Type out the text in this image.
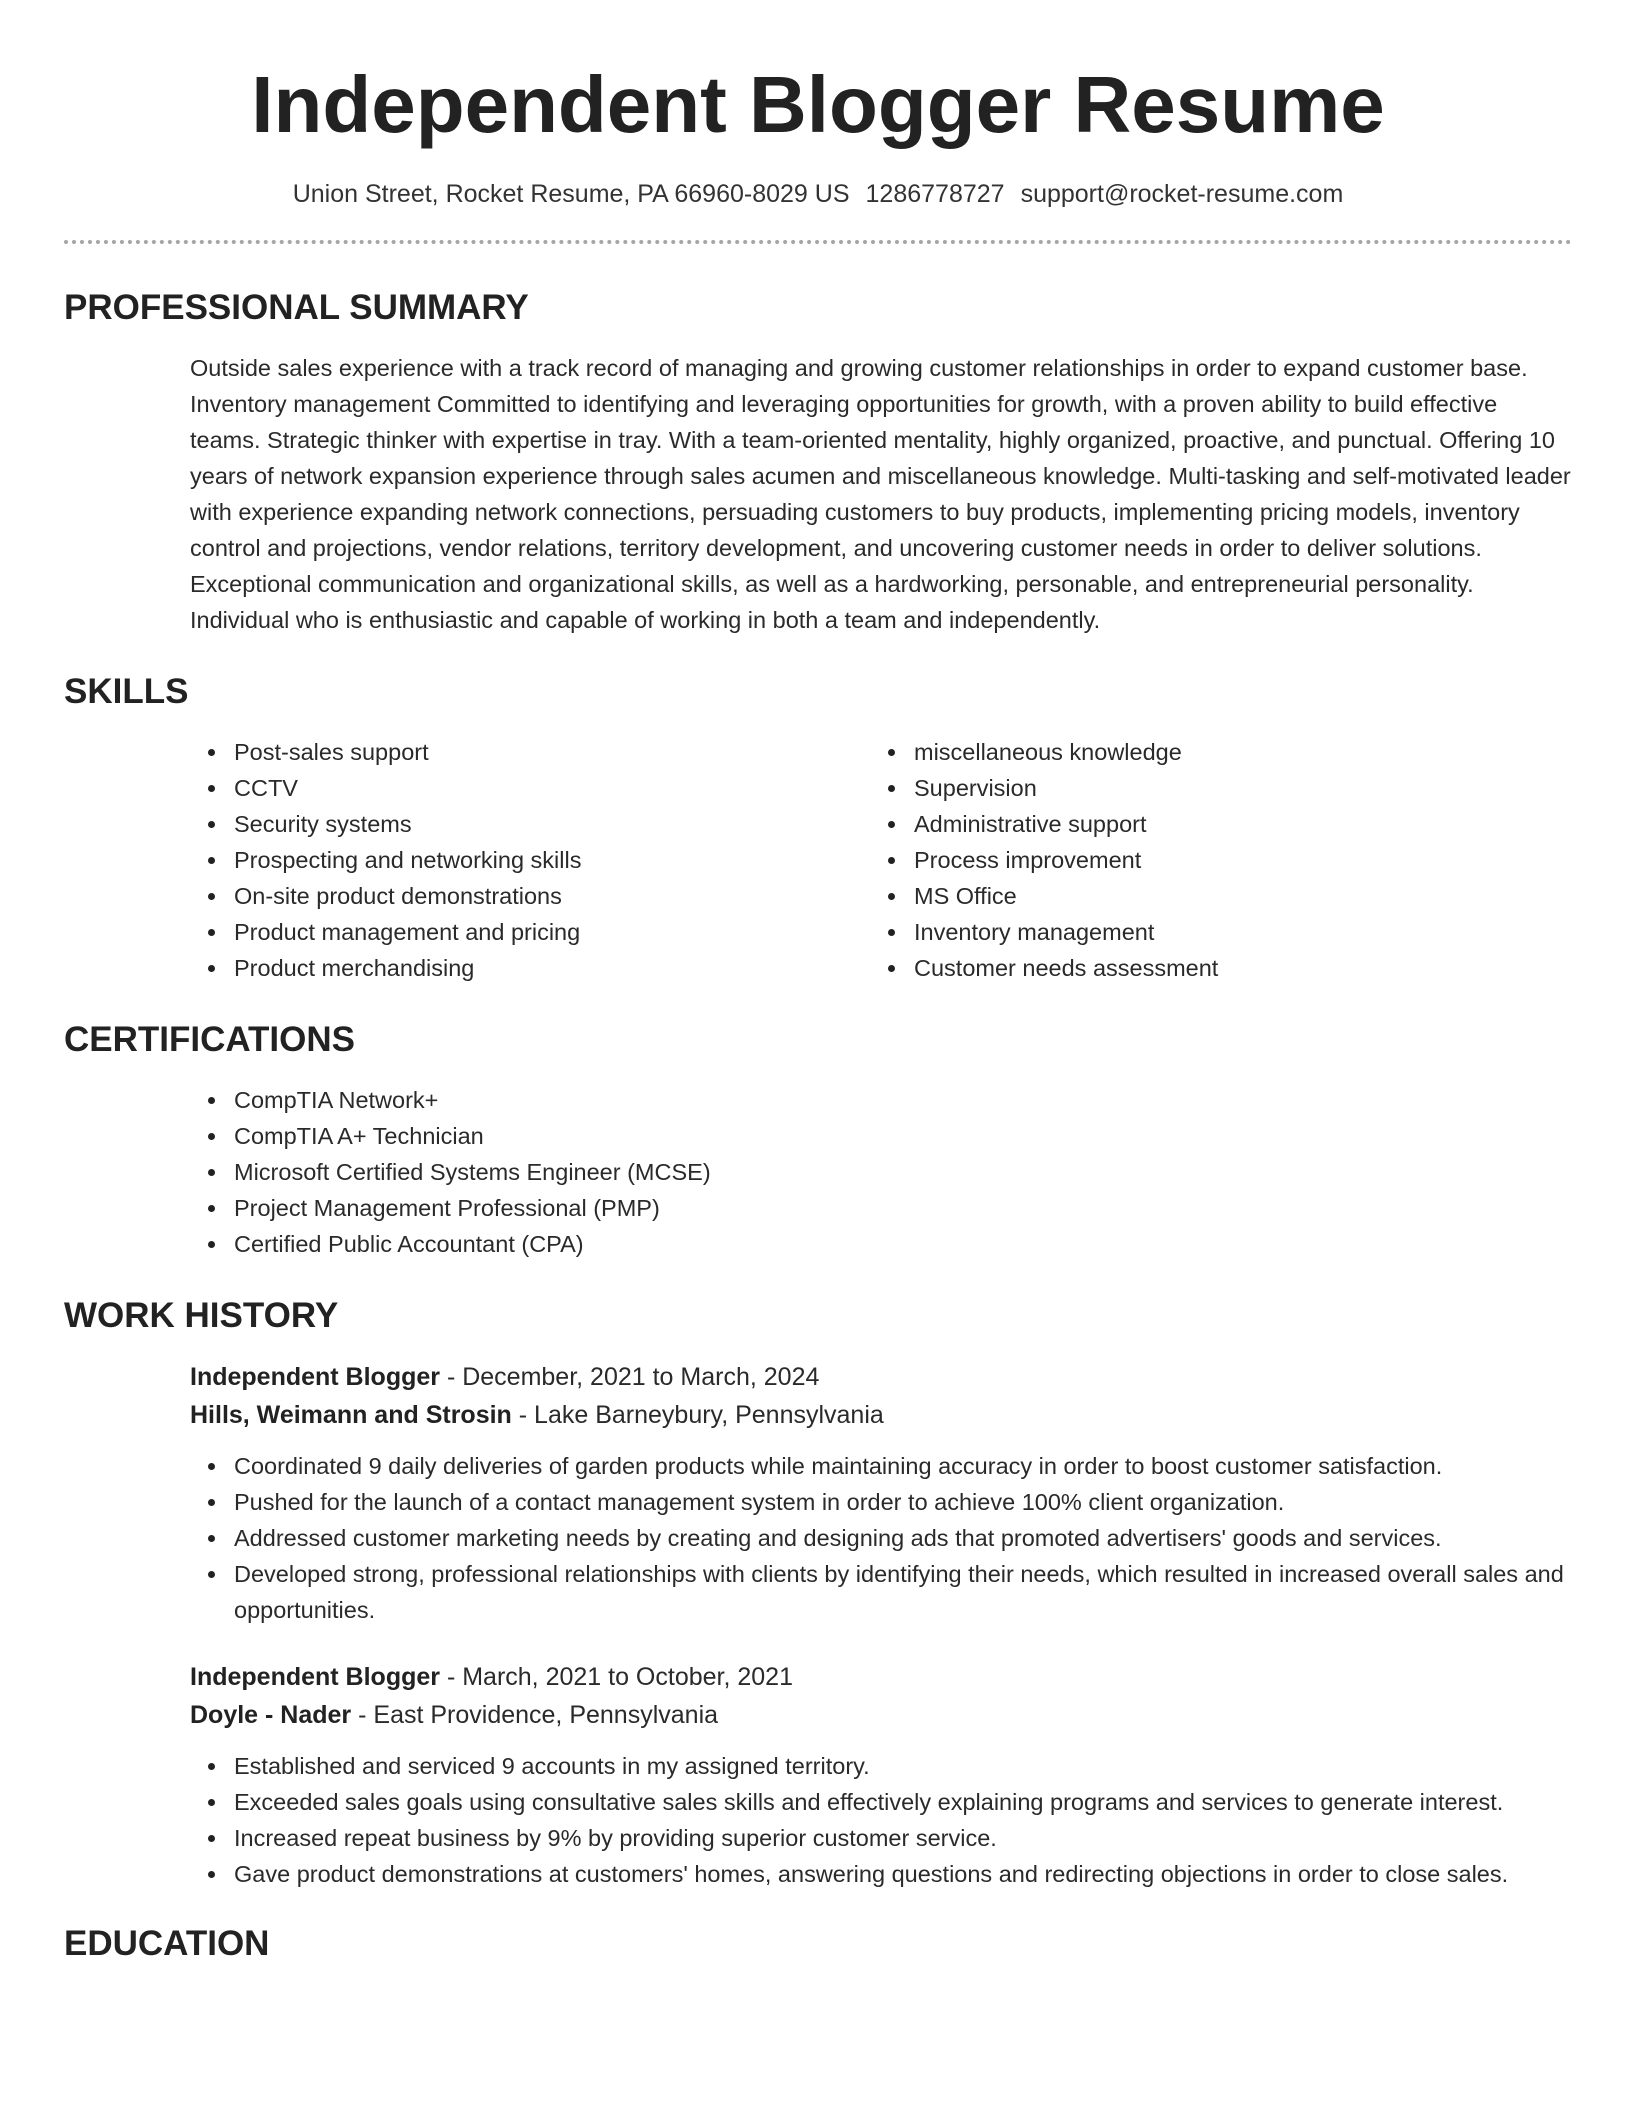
Independent Blogger Resume
Union Street, Rocket Resume, PA 66960-8029 US 1286778727 support@rocket-resume.com
PROFESSIONAL SUMMARY

Outside sales experience with a track record of managing and growing customer relationships in order to expand customer base. Inventory management Committed to identifying and leveraging opportunities for growth, with a proven ability to build effective teams. Strategic thinker with expertise in tray. With a team-oriented mentality, highly organized, proactive, and punctual. Offering 10 years of network expansion experience through sales acumen and miscellaneous knowledge. Multi-tasking and self-motivated leader with experience expanding network connections, persuading customers to buy products, implementing pricing models, inventory control and projections, vendor relations, territory development, and uncovering customer needs in order to deliver solutions. Exceptional communication and organizational skills, as well as a hardworking, personable, and entrepreneurial personality. Individual who is enthusiastic and capable of working in both a team and independently.

SKILLS
Post-sales support
CCTV
Security systems
Prospecting and networking skills
On-site product demonstrations
Product management and pricing
Product merchandising
miscellaneous knowledge
Supervision
Administrative support
Process improvement
MS Office
Inventory management
Customer needs assessment
CERTIFICATIONS
CompTIA Network+
CompTIA A+ Technician
Microsoft Certified Systems Engineer (MCSE)
Project Management Professional (PMP)
Certified Public Accountant (CPA)
WORK HISTORY
Independent Blogger - December, 2021 to March, 2024
Hills, Weimann and Strosin - Lake Barneybury, Pennsylvania
Coordinated 9 daily deliveries of garden products while maintaining accuracy in order to boost customer satisfaction.
Pushed for the launch of a contact management system in order to achieve 100% client organization.
Addressed customer marketing needs by creating and designing ads that promoted advertisers' goods and services.
Developed strong, professional relationships with clients by identifying their needs, which resulted in increased overall sales and opportunities.
Independent Blogger - March, 2021 to October, 2021
Doyle - Nader - East Providence, Pennsylvania
Established and serviced 9 accounts in my assigned territory.
Exceeded sales goals using consultative sales skills and effectively explaining programs and services to generate interest.
Increased repeat business by 9% by providing superior customer service.
Gave product demonstrations at customers' homes, answering questions and redirecting objections in order to close sales.
EDUCATION
